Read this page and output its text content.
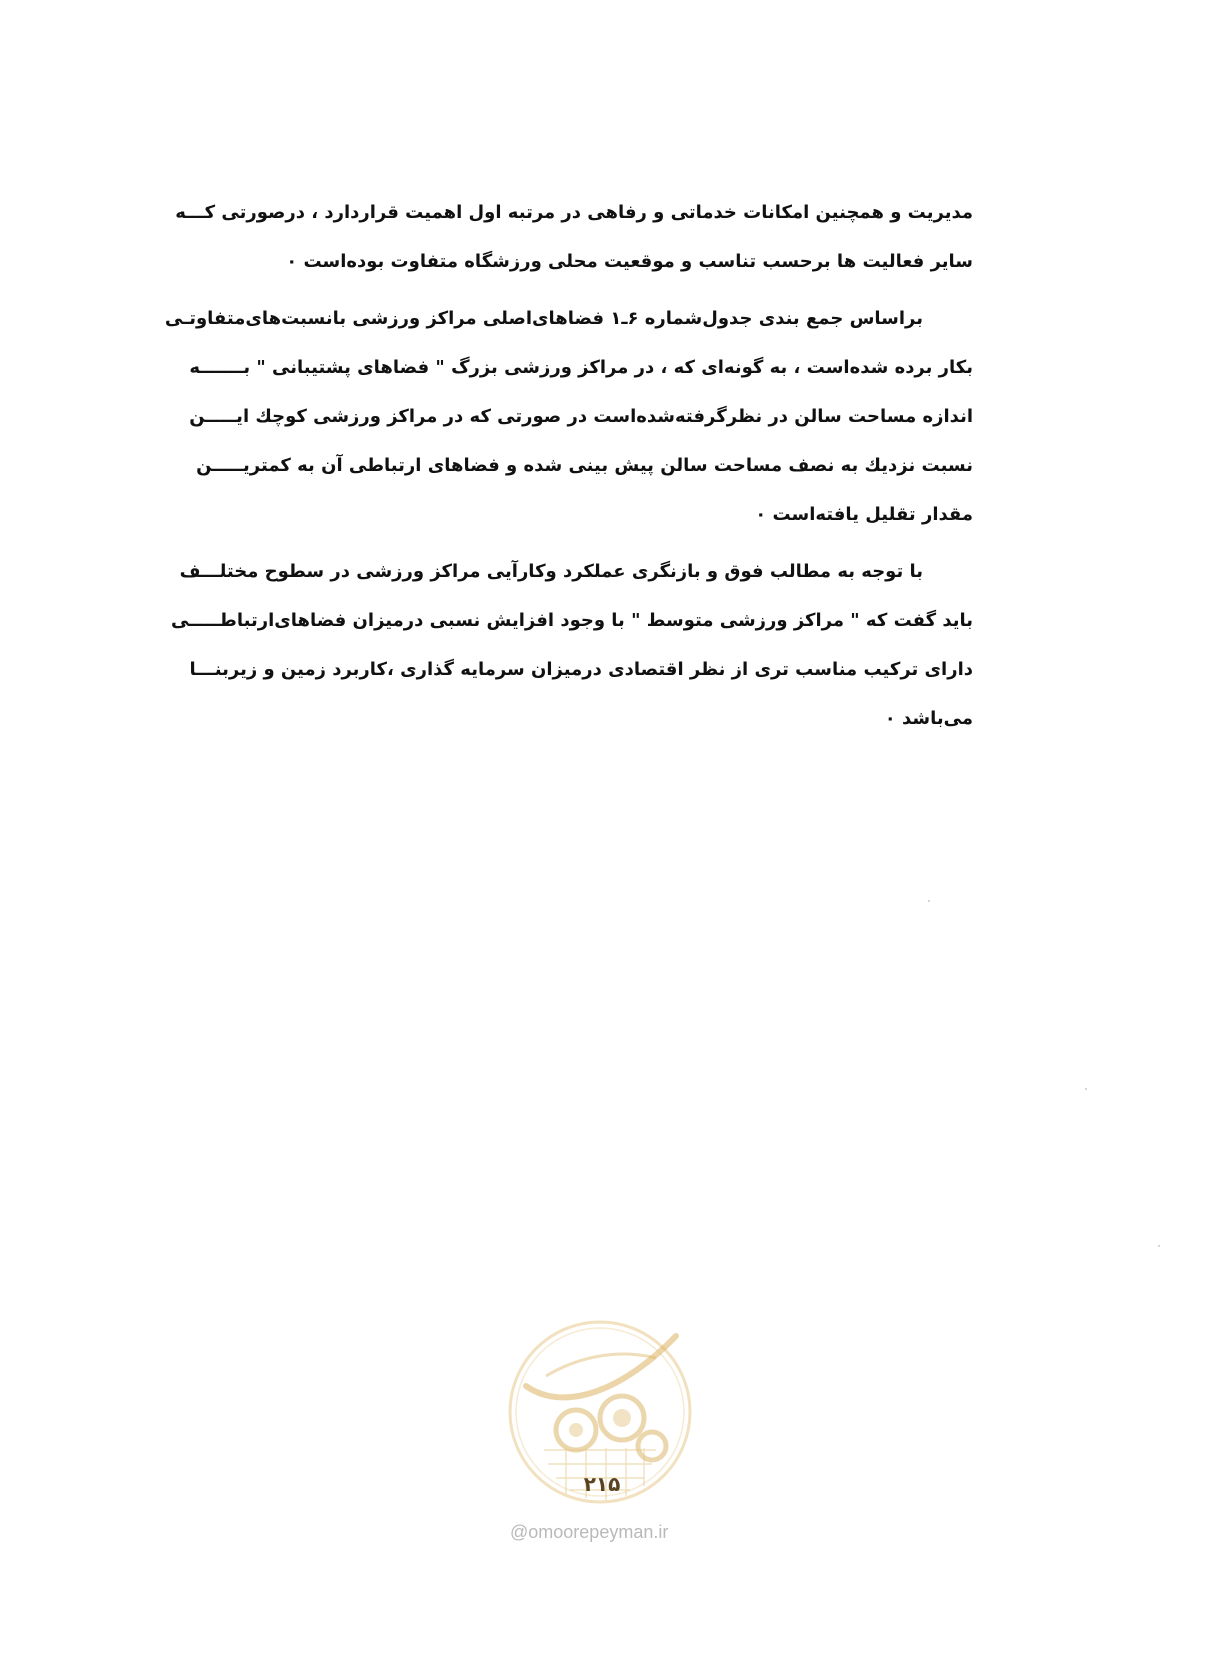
مدیریت و همچنین امکانات خدماتی و رفاهی در مرتبه اول اهمیت قراردارد ، درصورتی کـــه
سایر فعالیت ها برحسب تناسب و موقعیت محلی ورزشگاه متفاوت بوده‌است ۰
براساس جمع بندی جدول‌شماره ۶ـ۱ فضاهای‌اصلی مراکز ورزشی بانسبت‌های‌متفاوتـی
بکار برده شده‌است ، به گونه‌ای که ، در مراکز ورزشی بزرگ " فضاهای پشتیبانی " بـــــــه
اندازه مساحت سالن در نظرگرفته‌شده‌است در صورتی که در مراکز ورزشی کوچك ایـــــن
نسبت نزدیك به نصف مساحت سالن پیش بینی شده و فضاهای ارتباطی آن به کمتریـــــن
مقدار تقلیل یافته‌است ۰
با توجه به مطالب فوق و بازنگری عملکرد وکارآیی مراکز ورزشی در سطوح مختلـــف
باید گفت که " مراکز ورزشی متوسط " با وجود افزایش نسبی درمیزان فضاهای‌ارتباطـــــی
دارای ترکیب مناسب تری از نظر اقتصادی درمیزان سرمایه گذاری ،کاربرد زمین و زیربنـــا
می‌باشد ۰
۲۱۵
@omoorepeyman.ir
